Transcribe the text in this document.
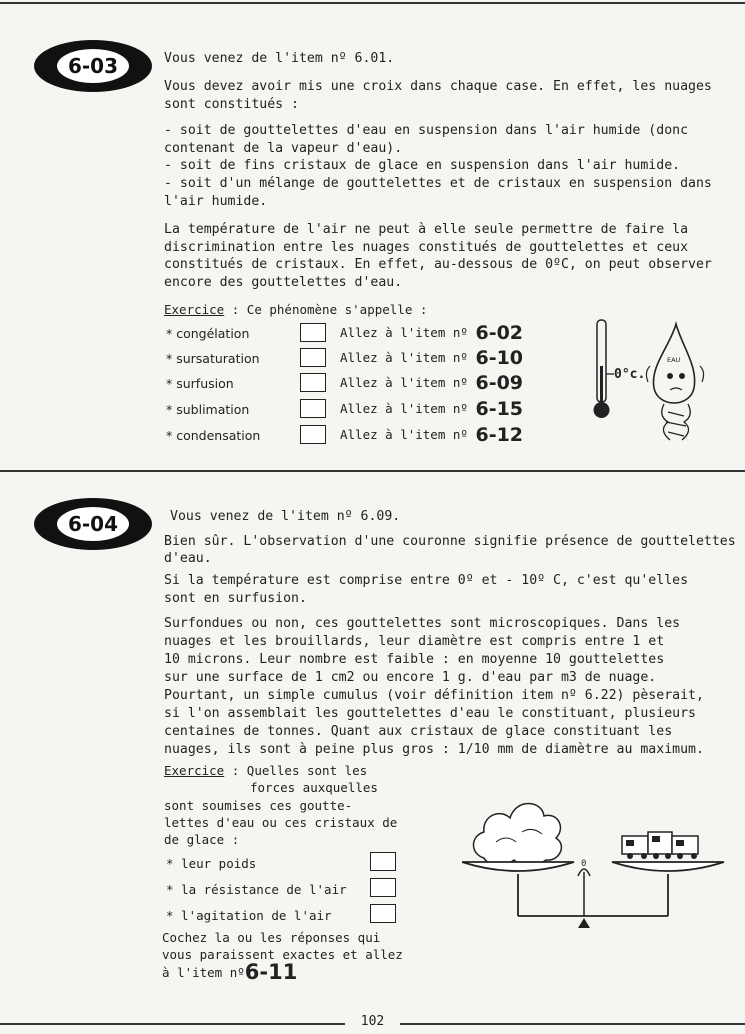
6-03	Vous venez de l'item nº 6.01.
Vous devez avoir mis une croix dans chaque case. En effet, les nuages
sont constitués :
- soit de gouttelettes d'eau en suspension dans l'air humide (donc
contenant de la vapeur d'eau).
- soit de fins cristaux de glace en suspension dans l'air humide.
- soit d'un mélange de gouttelettes et de cristaux en suspension dans
l'air humide.
La température de l'air ne peut à elle seule permettre de faire la
discrimination entre les nuages constitués de gouttelettes et ceux
constitués de cristaux. En effet, au-dessous de 0ºC, on peut observer
encore des gouttelettes d'eau.
Exercice : Ce phénomène s'appelle :
* congélation	Allez à l'item nº 6-02
* sursaturation	Allez à l'item nº 6-10
* surfusion	Allez à l'item nº 6-09
* sublimation	Allez à l'item nº 6-15
* condensation	Allez à l'item nº 6-12
0°c.
EAU
6-04	Vous venez de l'item nº 6.09.
Bien sûr. L'observation d'une couronne signifie présence de gouttelettes
d'eau.
Si la température est comprise entre 0º et - 10º C, c'est qu'elles
sont en surfusion.
Surfondues ou non, ces gouttelettes sont microscopiques. Dans les
nuages et les brouillards, leur diamètre est compris entre 1 et
10 microns. Leur nombre est faible : en moyenne 10 gouttelettes
sur une surface de 1 cm2 ou encore 1 g. d'eau par m3 de nuage.
Pourtant, un simple cumulus (voir définition item nº 6.22) pèserait,
si l'on assemblait les gouttelettes d'eau le constituant, plusieurs
centaines de tonnes. Quant aux cristaux de glace constituant les
nuages, ils sont à peine plus gros : 1/10 mm de diamètre au maximum.
Exercice : Quelles sont les
forces auxquelles
sont soumises ces goutte-
lettes d'eau ou ces cristaux de
de glace :
* leur poids
* la résistance de l'air
* l'agitation de l'air
Cochez la ou les réponses qui
vous paraissent exactes et allez
à l'item nº6-11
0
102
